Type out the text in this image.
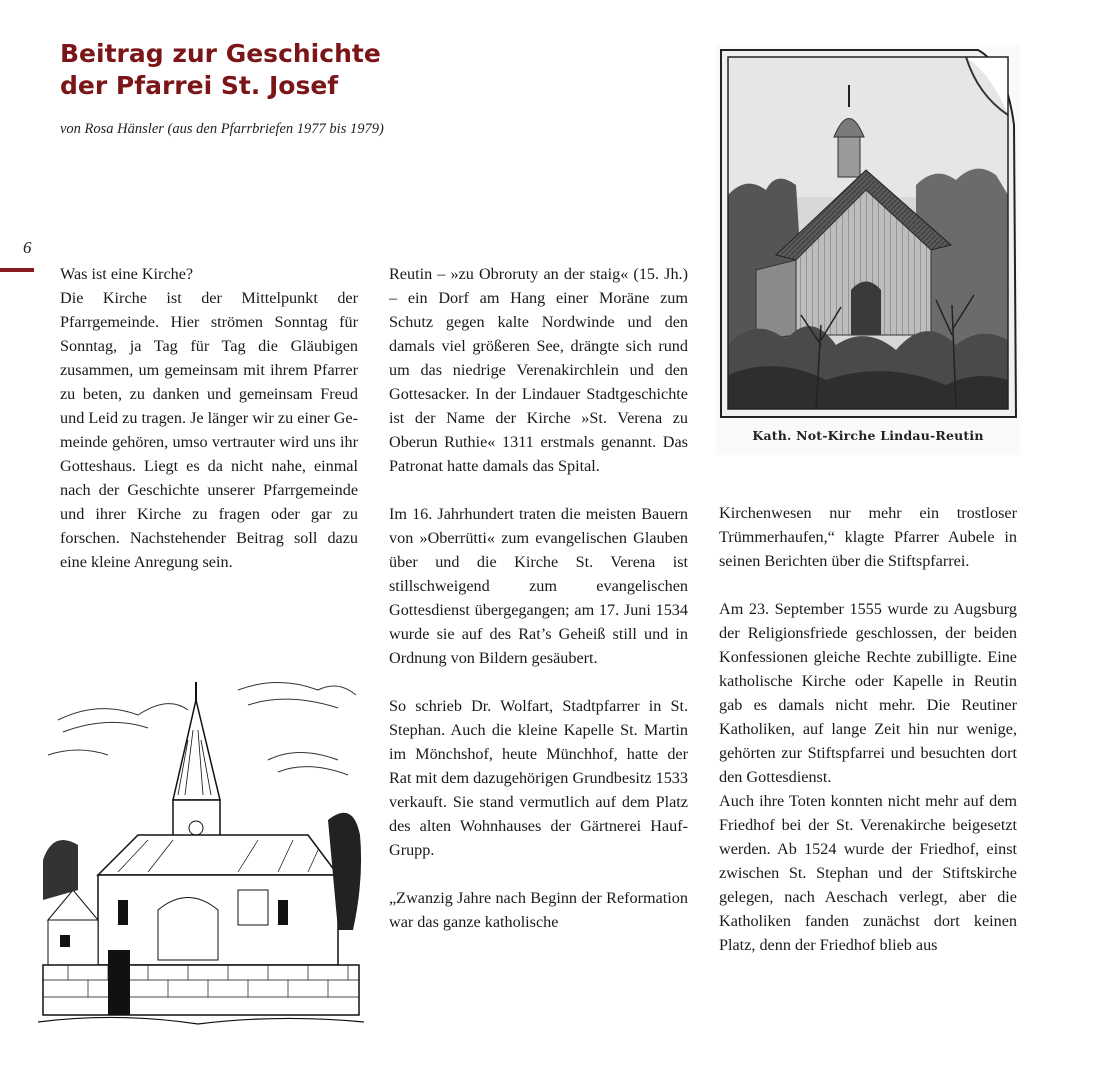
Beitrag zur Geschichte
der Pfarrei St. Josef
von Rosa Hänsler (aus den Pfarrbriefen 1977 bis 1979)
6
Kath. Not-Kirche Lindau-Reutin

Was ist eine Kirche?

Die Kirche ist der Mittelpunkt der Pfarrgemeinde. Hier strömen Sonntag für Sonntag, ja Tag für Tag die Gläubigen zusammen, um gemeinsam mit ihrem Pfarrer zu beten, zu danken und gemeinsam Freud und Leid zu tragen. Je länger wir zu einer Gemeinde gehören, umso vertrauter wird uns ihr Gotteshaus. Liegt es da nicht nahe, einmal nach der Geschichte unserer Pfarrgemeinde und ihrer Kirche zu fragen oder gar zu forschen. Nachstehender Beitrag soll dazu eine kleine Anregung sein.

Reutin – »zu Obroruty an der staig« (15. Jh.) – ein Dorf am Hang einer Moräne zum Schutz gegen kalte Nordwinde und den damals viel größeren See, drängte sich rund um das niedrige Verenakirchlein und den Gottesacker. In der Lindauer Stadtgeschichte ist der Name der Kirche »St. Verena zu Oberun Ruthie« 1311 erstmals genannt. Das Patronat hatte damals das Spital.

Im 16. Jahrhundert traten die meisten Bauern von »Oberrütti« zum evangelischen Glauben über und die Kirche St. Verena ist stillschweigend zum evangelischen Gottesdienst übergegangen; am 17. Juni 1534 wurde sie auf des Rat’s Geheiß still und in Ordnung von Bildern gesäubert.

So schrieb Dr. Wolfart, Stadtpfarrer in St. Stephan. Auch die kleine Kapelle St. Martin im Mönchshof, heute Münchhof, hatte der Rat mit dem dazugehörigen Grundbesitz 1533 verkauft. Sie stand vermutlich auf dem Platz des alten Wohnhauses der Gärtnerei Hauf-Grupp.

„Zwanzig Jahre nach Beginn der Reformation war das ganze katholische

Kirchenwesen nur mehr ein trostloser Trümmerhaufen,“ klagte Pfarrer Aubele in seinen Berichten über die Stiftspfarrei.

Am 23. September 1555 wurde zu Augsburg der Religionsfriede geschlossen, der beiden Konfessionen gleiche Rechte zubilligte. Eine katholische Kirche oder Kapelle in Reutin gab es damals nicht mehr. Die Reutiner Katholiken, auf lange Zeit hin nur wenige, gehörten zur Stiftspfarrei und besuchten dort den Gottesdienst.

Auch ihre Toten konnten nicht mehr auf dem Friedhof bei der St. Verenakirche beigesetzt werden. Ab 1524 wurde der Friedhof, einst zwischen St. Stephan und der Stiftskirche gelegen, nach Aeschach verlegt, aber die Katholiken fanden zunächst dort keinen Platz, denn der Friedhof blieb aus
